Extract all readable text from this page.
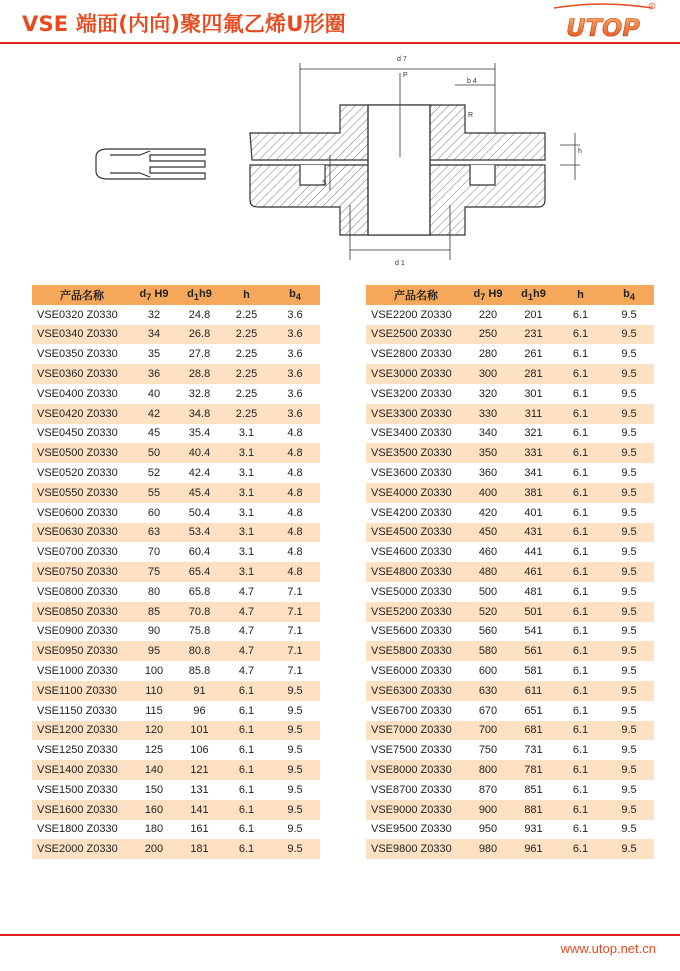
VSE 端面(内向)聚四氟乙烯U形圈	UTOP
R
d 7
P
b 4
R
h
S
d 1
产品名称	$d_7$ H9	$d_1h9$	h	$b_4$
VSE0320 Z0330	32	24.8	2.25	3.6
VSE0340 Z0330	34	26.8	2.25	3.6
VSE0350 Z0330	35	27.8	2.25	3.6
VSE0360 Z0330	36	28.8	2.25	3.6
VSE0400 Z0330	40	32.8	2.25	3.6
VSE0420 Z0330	42	34.8	2.25	3.6
VSE0450 Z0330	45	35.4	3.1	4.8
VSE0500 Z0330	50	40.4	3.1	4.8
VSE0520 Z0330	52	42.4	3.1	4.8
VSE0550 Z0330	55	45.4	3.1	4.8
VSE0600 Z0330	60	50.4	3.1	4.8
VSE0630 Z0330	63	53.4	3.1	4.8
VSE0700 Z0330	70	60.4	3.1	4.8
VSE0750 Z0330	75	65.4	3.1	4.8
VSE0800 Z0330	80	65.8	4.7	7.1
VSE0850 Z0330	85	70.8	4.7	7.1
VSE0900 Z0330	90	75.8	4.7	7.1
VSE0950 Z0330	95	80.8	4.7	7.1
VSE1000 Z0330	100	85.8	4.7	7.1
VSE1100 Z0330	110	91	6.1	9.5
VSE1150 Z0330	115	96	6.1	9.5
VSE1200 Z0330	120	101	6.1	9.5
VSE1250 Z0330	125	106	6.1	9.5
VSE1400 Z0330	140	121	6.1	9.5
VSE1500 Z0330	150	131	6.1	9.5
VSE1600 Z0330	160	141	6.1	9.5
VSE1800 Z0330	180	161	6.1	9.5
VSE2000 Z0330	200	181	6.1	9.5
产品名称	$d_7$ H9	$d_1h9$	h	$b_4$
VSE2200 Z0330	220	201	6.1	9.5
VSE2500 Z0330	250	231	6.1	9.5
VSE2800 Z0330	280	261	6.1	9.5
VSE3000 Z0330	300	281	6.1	9.5
VSE3200 Z0330	320	301	6.1	9.5
VSE3300 Z0330	330	311	6.1	9.5
VSE3400 Z0330	340	321	6.1	9.5
VSE3500 Z0330	350	331	6.1	9.5
VSE3600 Z0330	360	341	6.1	9.5
VSE4000 Z0330	400	381	6.1	9.5
VSE4200 Z0330	420	401	6.1	9.5
VSE4500 Z0330	450	431	6.1	9.5
VSE4600 Z0330	460	441	6.1	9.5
VSE4800 Z0330	480	461	6.1	9.5
VSE5000 Z0330	500	481	6.1	9.5
VSE5200 Z0330	520	501	6.1	9.5
VSE5600 Z0330	560	541	6.1	9.5
VSE5800 Z0330	580	561	6.1	9.5
VSE6000 Z0330	600	581	6.1	9.5
VSE6300 Z0330	630	611	6.1	9.5
VSE6700 Z0330	670	651	6.1	9.5
VSE7000 Z0330	700	681	6.1	9.5
VSE7500 Z0330	750	731	6.1	9.5
VSE8000 Z0330	800	781	6.1	9.5
VSE8700 Z0330	870	851	6.1	9.5
VSE9000 Z0330	900	881	6.1	9.5
VSE9500 Z0330	950	931	6.1	9.5
VSE9800 Z0330	980	961	6.1	9.5
www.utop.net.cn
